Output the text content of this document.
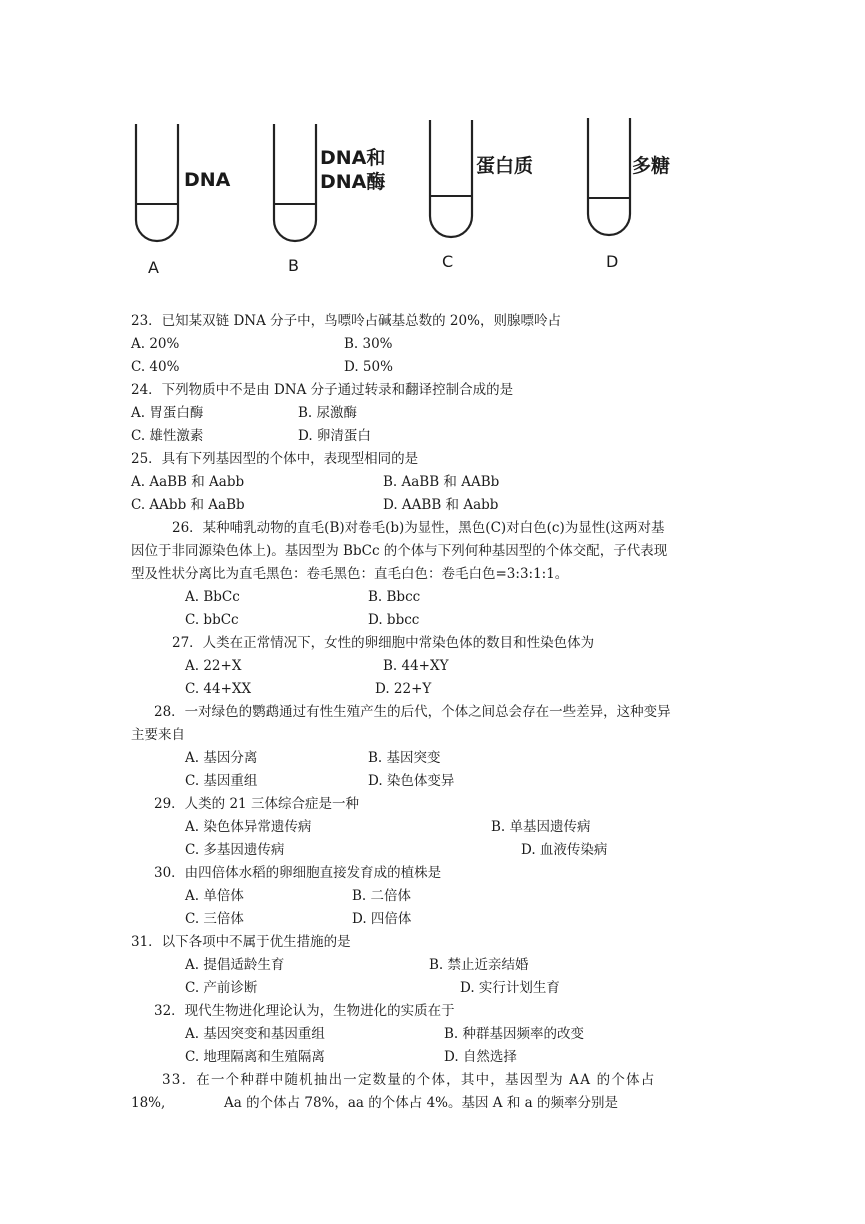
DNA
A
DNA和
DNA酶
B
蛋白质
C
多糖
D
23．已知某双链 DNA 分子中，鸟嘌呤占碱基总数的 20%，则腺嘌呤占
A. 20%	B. 30%
C. 40%	D. 50%
24．下列物质中不是由 DNA 分子通过转录和翻译控制合成的是
A. 胃蛋白酶	B. 尿激酶
C. 雄性激素	D. 卵清蛋白
25．具有下列基因型的个体中，表现型相同的是
A. AaBB 和 Aabb	B. AaBB 和 AABb
C. AAbb 和 AaBb	D. AABB 和 Aabb
26．某种哺乳动物的直毛(B)对卷毛(b)为显性，黑色(C)对白色(c)为显性(这两对基
因位于非同源染色体上)。基因型为 BbCc 的个体与下列何种基因型的个体交配，子代表现
型及性状分离比为直毛黑色：卷毛黑色：直毛白色：卷毛白色=3:3:1:1。
A. BbCc	B. Bbcc
C. bbCc	D. bbcc
27．人类在正常情况下，女性的卵细胞中常染色体的数目和性染色体为
A. 22+X	B. 44+XY
C. 44+XX	D. 22+Y
28．一对绿色的鹦鹉通过有性生殖产生的后代，个体之间总会存在一些差异，这种变异
主要来自
A. 基因分离	B. 基因突变
C. 基因重组	D. 染色体变异
29．人类的 21 三体综合症是一种
A. 染色体异常遗传病	B. 单基因遗传病
C. 多基因遗传病	D. 血液传染病
30．由四倍体水稻的卵细胞直接发育成的植株是
A. 单倍体	B. 二倍体
C. 三倍体	D. 四倍体
31．以下各项中不属于优生措施的是
A. 提倡适龄生育	B. 禁止近亲结婚
C. 产前诊断	D. 实行计划生育
32．现代生物进化理论认为，生物进化的实质在于
A. 基因突变和基因重组	B. 种群基因频率的改变
C. 地理隔离和生殖隔离	D. 自然选择
33．在一个种群中随机抽出一定数量的个体，其中，基因型为 AA 的个体占
18%,	Aa 的个体占 78%，aa 的个体占 4%。基因 A 和 a 的频率分别是
